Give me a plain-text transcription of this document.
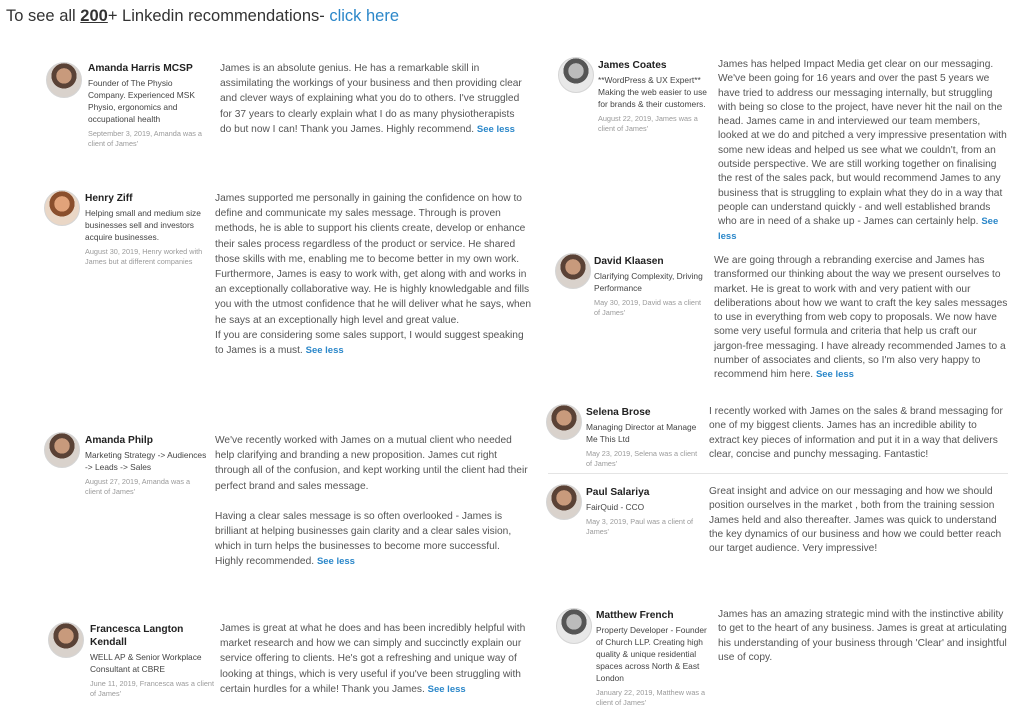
To see all 200+ Linkedin recommendations- click here
Amanda Harris MCSP
Founder of The Physio Company. Experienced MSK Physio, ergonomics and occupational health
September 3, 2019, Amanda was a client of James'

James is an absolute genius. He has a remarkable skill in assimilating the workings of your business and then providing clear and clever ways of explaining what you do to others. I've struggled for 37 years to clearly explain what I do as many physiotherapists do but now I can! Thank you James. Highly recommend. See less

Henry Ziff
Helping small and medium size businesses sell and investors acquire businesses.
August 30, 2019, Henry worked with James but at different companies

James supported me personally in gaining the confidence on how to define and communicate my sales message. Through is proven methods, he is able to support his clients create, develop or enhance their sales process regardless of the product or service. He shared those skills with me, enabling me to become better in my own work.

Furthermore, James is easy to work with, get along with and works in an exceptionally collaborative way. He is highly knowledgable and fills you with the utmost confidence that he will deliver what he says, when he says at an exceptionally high level and great value.

If you are considering some sales support, I would suggest speaking to James is a must. See less

Amanda Philp
Marketing Strategy -> Audiences -> Leads -> Sales
August 27, 2019, Amanda was a client of James'

We've recently worked with James on a mutual client who needed help clarifying and branding a new proposition. James cut right through all of the confusion, and kept working until the client had their perfect brand and sales message.

Having a clear sales message is so often overlooked - James is brilliant at helping businesses gain clarity and a clear sales vision, which in turn helps the businesses to become more successful. Highly recommended. See less

Francesca Langton Kendall
WELL AP & Senior Workplace Consultant at CBRE
June 11, 2019, Francesca was a client of James'

James is great at what he does and has been incredibly helpful with market research and how we can simply and succinctly explain our service offering to clients. He's got a refreshing and unique way of looking at things, which is very useful if you've been struggling with certain hurdles for a while! Thank you James. See less

James Coates
**WordPress & UX Expert** Making the web easier to use for brands & their customers.
August 22, 2019, James was a client of James'

James has helped Impact Media get clear on our messaging. We've been going for 16 years and over the past 5 years we have tried to address our messaging internally, but struggling with being so close to the project, have never hit the nail on the head. James came in and interviewed our team members, looked at we do and pitched a very impressive presentation with some new ideas and helped us see what we couldn't, from an outside perspective. We are still working together on finalising the rest of the sales pack, but would recommend James to any business that is struggling to explain what they do in a way that people can understand quickly - and well established brands who are in need of a shake up - James can certainly help. See less

David Klaasen
Clarifying Complexity, Driving Performance
May 30, 2019, David was a client of James'

We are going through a rebranding exercise and James has transformed our thinking about the way we present ourselves to market. He is great to work with and very patient with our deliberations about how we want to craft the key sales messages to use in everything from web copy to proposals. We now have some very useful formula and criteria that help us craft our jargon-free messaging. I have already recommended James to a number of associates and clients, so I'm also very happy to recommend him here. See less

Selena Brose
Managing Director at Manage Me This Ltd
May 23, 2019, Selena was a client of James'

I recently worked with James on the sales & brand messaging for one of my biggest clients. James has an incredible ability to extract key pieces of information and put it in a way that delivers clear, concise and punchy messaging. Fantastic!

Paul Salariya
FairQuid - CCO
May 3, 2019, Paul was a client of James'

Great insight and advice on our messaging and how we should position ourselves in the market , both from the training session James held and also thereafter. James was quick to understand the key dynamics of our business and how we could better reach our target audience. Very impressive!

Matthew French
Property Developer - Founder of Church LLP. Creating high quality & unique residential spaces across North & East London
January 22, 2019, Matthew was a client of James'

James has an amazing strategic mind with the instinctive ability to get to the heart of any business. James is great at articulating his understanding of your business through 'Clear' and insightful use of copy.
